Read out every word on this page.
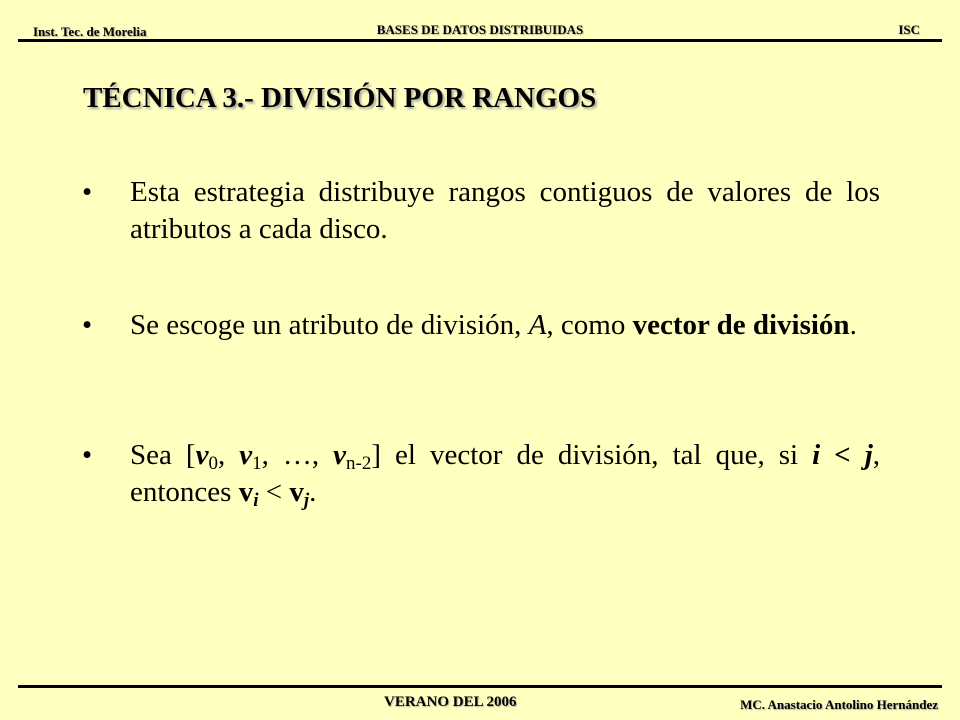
Inst. Tec. de Morelia	BASES DE DATOS DISTRIBUIDAS	ISC
TÉCNICA 3.- DIVISIÓN POR RANGOS
• Esta estrategia distribuye rangos contiguos de valores de los atributos a cada disco.
• Se escoge un atributo de división, A, como vector de división.
• Sea [$v_0$, $v_1$, …, $v_{n-2}$] el vector de división, tal que, si i < j, entonces $v_i < v_j$.
VERANO DEL 2006	MC. Anastacio Antolino Hernández
